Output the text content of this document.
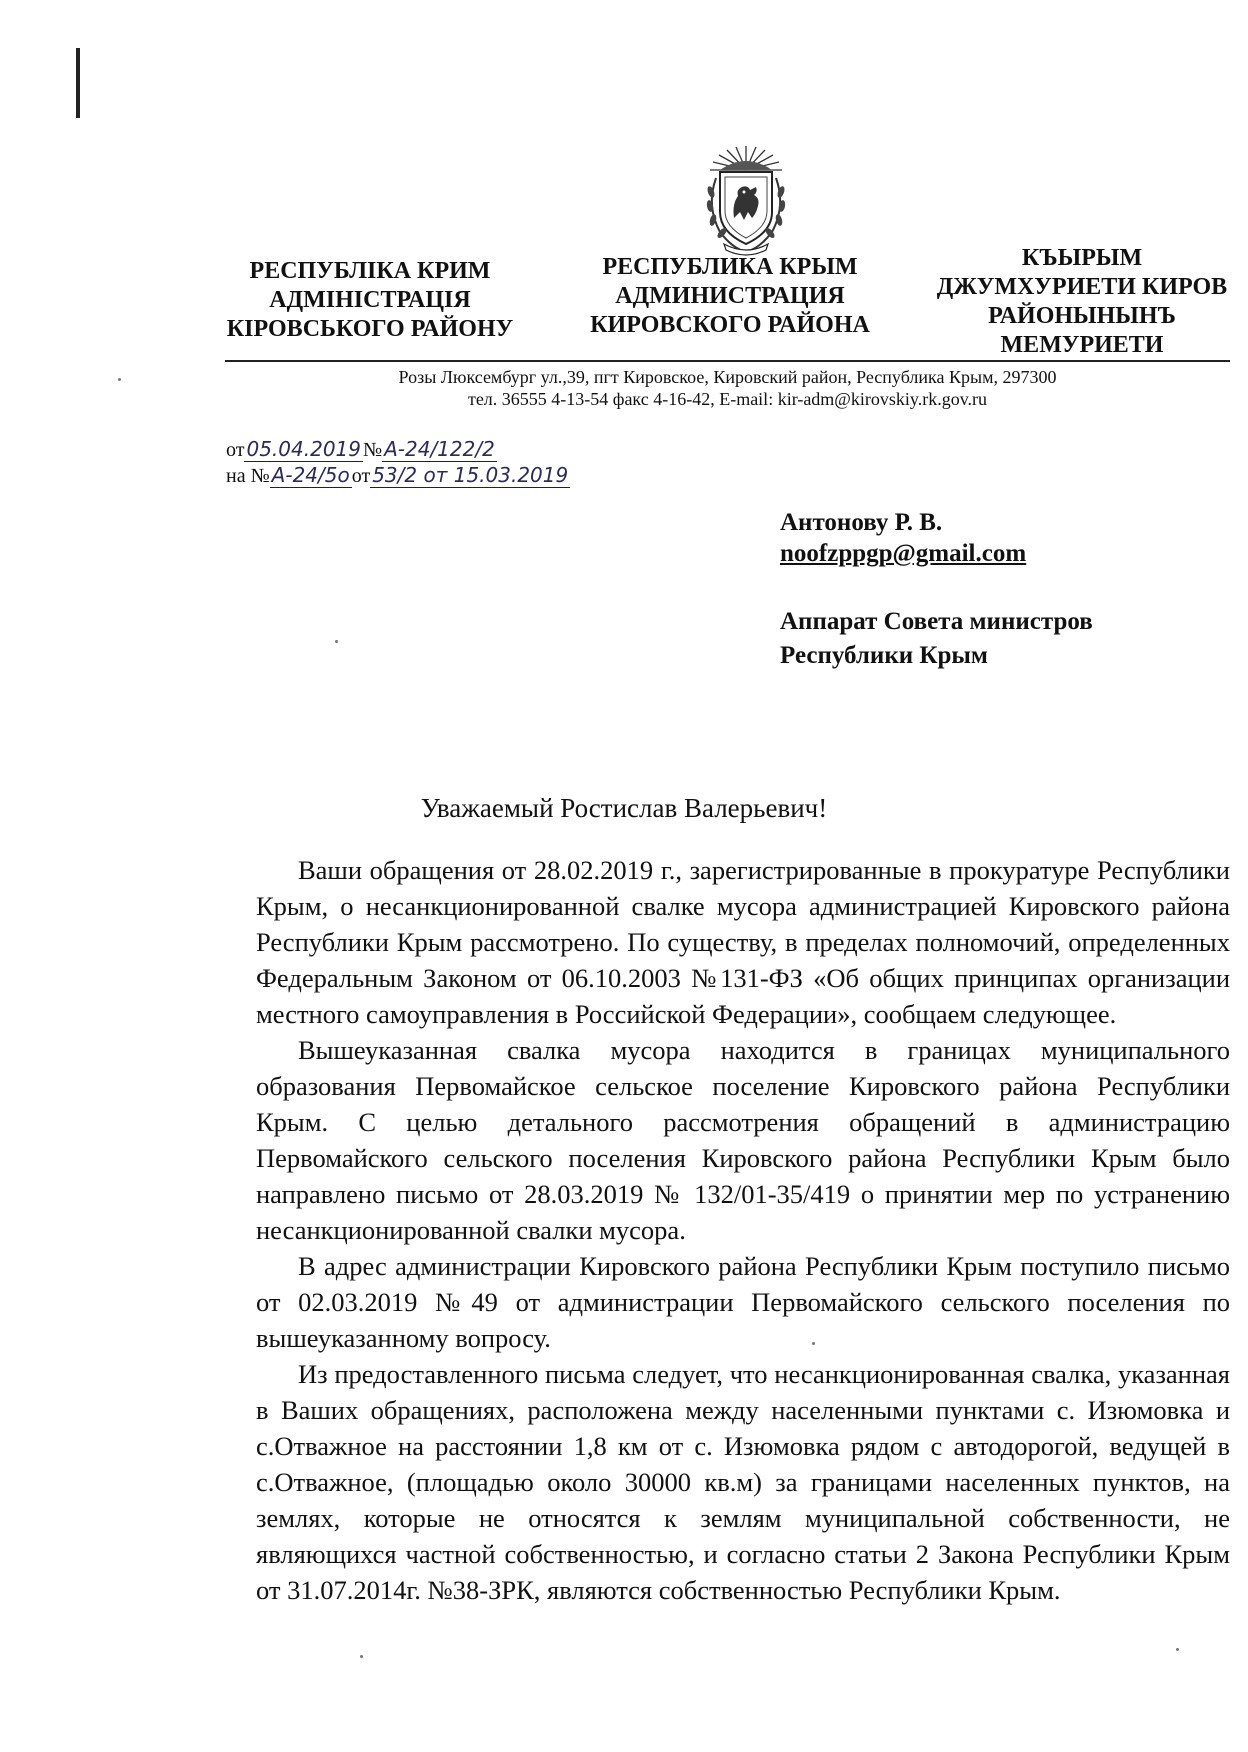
РЕСПУБЛІКА КРИМ
АДМІНІСТРАЦІЯ
КІРОВСЬКОГО РАЙОНУ
РЕСПУБЛИКА КРЫМ
АДМИНИСТРАЦИЯ
КИРОВСКОГО РАЙОНА
КЪЫРЫМ
ДЖУМХУРИЕТИ КИРОВ
РАЙОНЫНЫНЪ
МЕМУРИЕТИ
Розы Люксембург ул.,39, пгт Кировское, Кировский район, Республика Крым, 297300
тел. 36555 4-13-54 факс 4-16-42, E-mail: kir-adm@kirovskiy.rk.gov.ru
от 05.04.2019 № А-24/122/2
на № А-24/5о от 53/2 от 15.03.2019
Антонову Р. В.
noofzppgp@gmail.com
Аппарат Совета министров
Республики Крым
Уважаемый Ростислав Валерьевич!

Ваши обращения от 28.02.2019 г., зарегистрированные в прокуратуре Республики Крым, о несанкционированной свалке мусора администрацией Кировского района Республики Крым рассмотрено. По существу, в пределах полномочий, определенных Федеральным Законом от 06.10.2003 №131-ФЗ «Об общих принципах организации местного самоуправления в Российской Федерации», сообщаем следующее.

Вышеуказанная свалка мусора находится в границах муниципального образования Первомайское сельское поселение Кировского района Республики Крым. С целью детального рассмотрения обращений в администрацию Первомайского сельского поселения Кировского района Республики Крым было направлено письмо от 28.03.2019 № 132/01-35/419 о принятии мер по устранению несанкционированной свалки мусора.

В адрес администрации Кировского района Республики Крым поступило письмо от 02.03.2019 №49 от администрации Первомайского сельского поселения по вышеуказанному вопросу.

Из предоставленного письма следует, что несанкционированная свалка, указанная в Ваших обращениях, расположена между населенными пунктами с. Изюмовка и с.Отважное на расстоянии 1,8 км от с. Изюмовка рядом с автодорогой, ведущей в с.Отважное, (площадью около 30000 кв.м) за границами населенных пунктов, на землях, которые не относятся к землям муниципальной собственности, не являющихся частной собственностью, и согласно статьи 2 Закона Республики Крым от 31.07.2014г. №38-ЗРК, являются собственностью Республики Крым.
